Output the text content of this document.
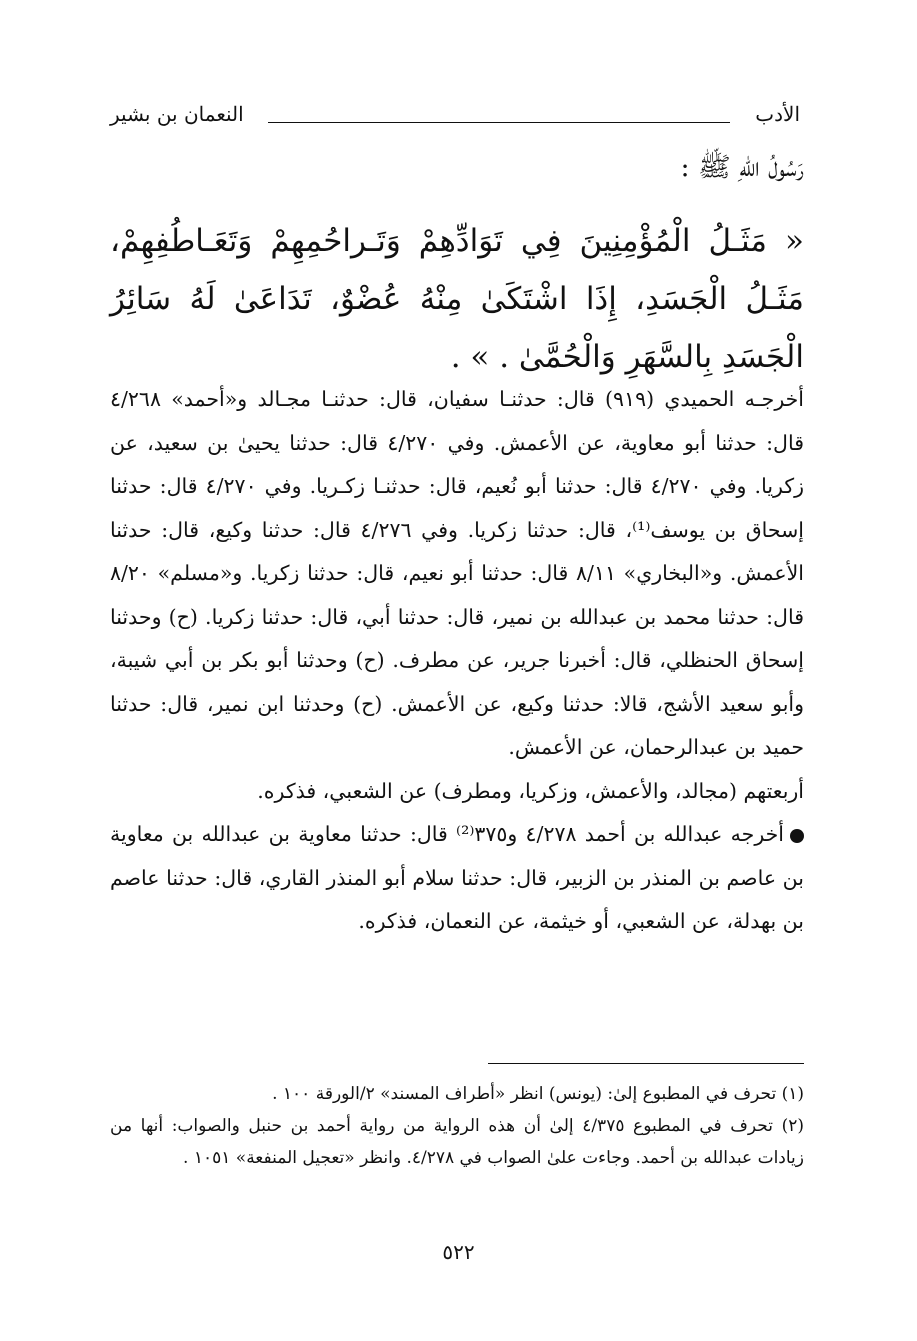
الأدب
النعمان بن بشير
رَسُولُ اللهِ ﷺ :
« مَثَـلُ الْمُؤْمِنِينَ فِي تَوَادِّهِمْ وَتَـراحُمِهِمْ وَتَعَـاطُفِهِمْ، مَثَـلُ الْجَسَدِ، إِذَا اشْتَكَىٰ مِنْهُ عُضْوٌ، تَدَاعَىٰ لَهُ سَائِرُ الْجَسَدِ بِالسَّهَرِ وَالْحُمَّىٰ . » .

أخرجـه الحميدي (٩١٩) قال: حدثنـا سفيان، قال: حدثنـا مجـالد و«أحمد» ٤/٢٦٨ قال: حدثنا أبو معاوية، عن الأعمش. وفي ٤/٢٧٠ قال: حدثنا يحيىٰ بن سعيد، عن زكريا. وفي ٤/٢٧٠ قال: حدثنا أبو نُعيم، قال: حدثنـا زكـريا. وفي ٤/٢٧٠ قال: حدثنا إسحاق بن يوسف⁽¹⁾، قال: حدثنا زكريا. وفي ٤/٢٧٦ قال: حدثنا وكيع، قال: حدثنا الأعمش. و«البخاري» ٨/١١ قال: حدثنا أبو نعيم، قال: حدثنا زكريا. و«مسلم» ٨/٢٠ قال: حدثنا محمد بن عبدالله بن نمير، قال: حدثنا أبي، قال: حدثنا زكريا. (ح) وحدثنا إسحاق الحنظلي، قال: أخبرنا جرير، عن مطرف. (ح) وحدثنا أبو بكر بن أبي شيبة، وأبو سعيد الأشج، قالا: حدثنا وكيع، عن الأعمش. (ح) وحدثنا ابن نمير، قال: حدثنا حميد بن عبدالرحمان، عن الأعمش.

أربعتهم (مجالد، والأعمش، وزكريا، ومطرف) عن الشعبي، فذكره.

أخرجه عبدالله بن أحمد ٤/٢٧٨ و٣٧٥⁽²⁾ قال: حدثنا معاوية بن عبدالله بن معاوية بن عاصم بن المنذر بن الزبير، قال: حدثنا سلام أبو المنذر القاري، قال: حدثنا عاصم بن بهدلة، عن الشعبي، أو خيثمة، عن النعمان، فذكره.

(١) تحرف في المطبوع إلىٰ: (يونس) انظر «أطراف المسند» ٢/الورقة ١٠٠ .

(٢) تحرف في المطبوع ٤/٣٧٥ إلىٰ أن هذه الرواية من رواية أحمد بن حنبل والصواب: أنها من زيادات عبدالله بن أحمد. وجاءت علىٰ الصواب في ٤/٢٧٨. وانظر «تعجيل المنفعة» ١٠٥١ .

٥٢٢
